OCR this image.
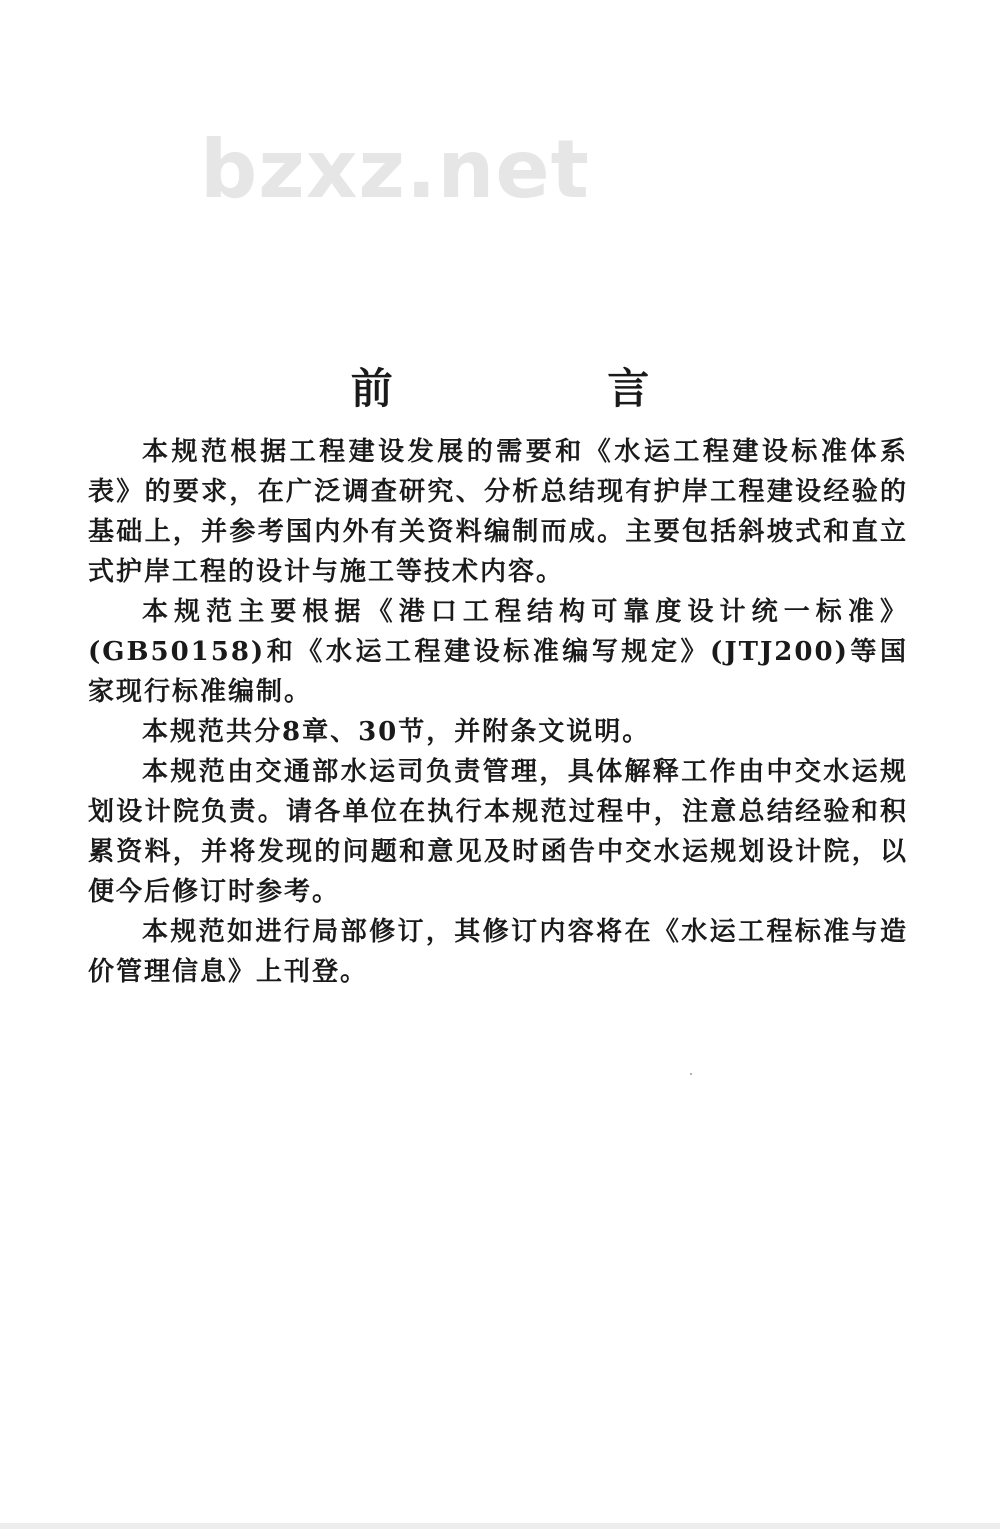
bzxz.net
前 言

本规范根据工程建设发展的需要和《水运工程建设标准体系表》的要求，在广泛调查研究、分析总结现有护岸工程建设经验的基础上，并参考国内外有关资料编制而成。主要包括斜坡式和直立式护岸工程的设计与施工等技术内容。

本规范主要根据《港口工程结构可靠度设计统一标准》(GB50158)和《水运工程建设标准编写规定》(JTJ200)等国家现行标准编制。

本规范共分8章、30节，并附条文说明。

本规范由交通部水运司负责管理，具体解释工作由中交水运规划设计院负责。请各单位在执行本规范过程中，注意总结经验和积累资料，并将发现的问题和意见及时函告中交水运规划设计院，以便今后修订时参考。

本规范如进行局部修订，其修订内容将在《水运工程标准与造价管理信息》上刊登。
